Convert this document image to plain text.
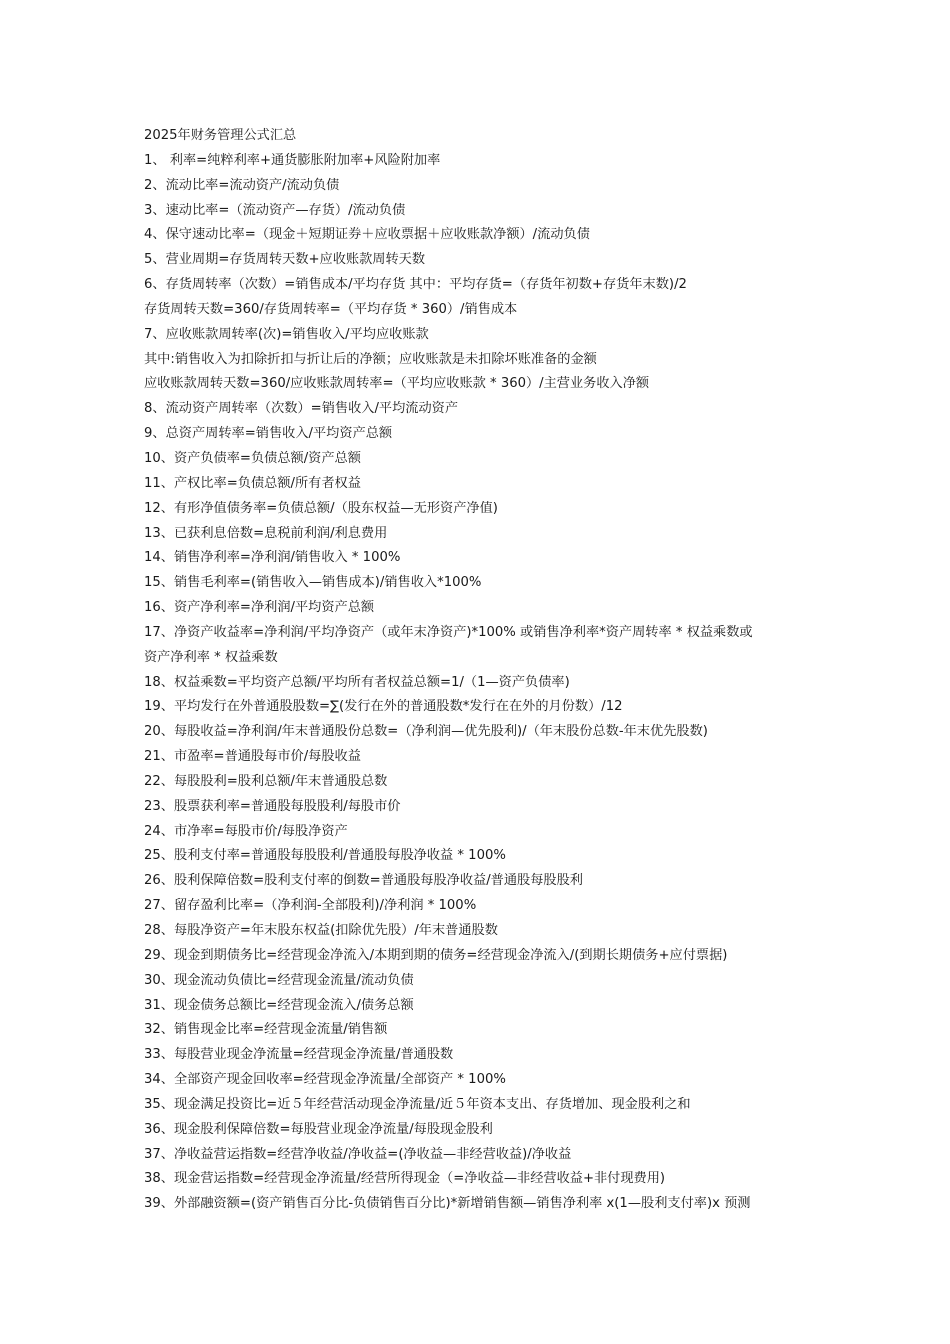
2025年财务管理公式汇总
1、 利率=纯粹利率+通货膨胀附加率+风险附加率
2、流动比率=流动资产/流动负债
3、速动比率=（流动资产—存货）/流动负债
4、保守速动比率=（现金＋短期证券＋应收票据＋应收账款净额）/流动负债
5、营业周期=存货周转天数+应收账款周转天数
6、存货周转率（次数）=销售成本/平均存货 其中：平均存货=（存货年初数+存货年末数)/2
存货周转天数=360/存货周转率=（平均存货 * 360）/销售成本
7、应收账款周转率(次)=销售收入/平均应收账款
其中:销售收入为扣除折扣与折让后的净额；应收账款是未扣除坏账准备的金额
应收账款周转天数=360/应收账款周转率=（平均应收账款 * 360）/主营业务收入净额
8、流动资产周转率（次数）=销售收入/平均流动资产
9、总资产周转率=销售收入/平均资产总额
10、资产负债率=负债总额/资产总额
11、产权比率=负债总额/所有者权益
12、有形净值债务率=负债总额/（股东权益—无形资产净值)
13、已获利息倍数=息税前利润/利息费用
14、销售净利率=净利润/销售收入 * 100%
15、销售毛利率=(销售收入—销售成本)/销售收入*100%
16、资产净利率=净利润/平均资产总额
17、净资产收益率=净利润/平均净资产（或年末净资产)*100% 或销售净利率*资产周转率 * 权益乘数或
资产净利率 * 权益乘数
18、权益乘数=平均资产总额/平均所有者权益总额=1/（1—资产负债率)
19、平均发行在外普通股股数=∑(发行在外的普通股数*发行在在外的月份数）/12
20、每股收益=净利润/年末普通股份总数=（净利润—优先股利)/（年末股份总数-年末优先股数)
21、市盈率=普通股每市价/每股收益
22、每股股利=股利总额/年末普通股总数
23、股票获利率=普通股每股股利/每股市价
24、市净率=每股市价/每股净资产
25、股利支付率=普通股每股股利/普通股每股净收益 * 100%
26、股利保障倍数=股利支付率的倒数=普通股每股净收益/普通股每股股利
27、留存盈利比率=（净利润-全部股利)/净利润 * 100%
28、每股净资产=年末股东权益(扣除优先股）/年末普通股数
29、现金到期债务比=经营现金净流入/本期到期的债务=经营现金净流入/(到期长期债务+应付票据)
30、现金流动负债比=经营现金流量/流动负债
31、现金债务总额比=经营现金流入/债务总额
32、销售现金比率=经营现金流量/销售额
33、每股营业现金净流量=经营现金净流量/普通股数
34、全部资产现金回收率=经营现金净流量/全部资产 * 100%
35、现金满足投资比=近５年经营活动现金净流量/近５年资本支出、存货增加、现金股利之和
36、现金股利保障倍数=每股营业现金净流量/每股现金股利
37、净收益营运指数=经营净收益/净收益=(净收益—非经营收益)/净收益
38、现金营运指数=经营现金净流量/经营所得现金（=净收益—非经营收益+非付现费用)
39、外部融资额=(资产销售百分比-负债销售百分比)*新增销售额—销售净利率 x(1—股利支付率)x 预测
